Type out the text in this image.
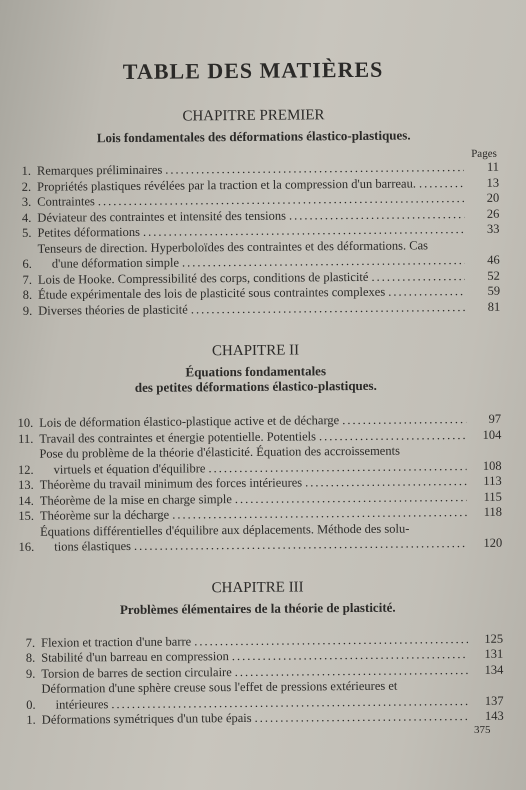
TABLE DES MATIÈRES
CHAPITRE PREMIER
Lois fondamentales des déformations élastico-plastiques.
Pages
1. Remarques préliminaires .....	11
2. Propriétés plastiques révélées par la traction et la compression d'un barreau. .....	13
3. Contraintes .....	20
4. Déviateur des contraintes et intensité des tensions .....	26
5. Petites déformations .....	33
6.
Tenseurs de direction. Hyperboloïdes des contraintes et des déformations. Cas
d'une déformation simple .....	46
7. Lois de Hooke. Compressibilité des corps, conditions de plasticité .....	52
8. Étude expérimentale des lois de plasticité sous contraintes complexes .....	59
9. Diverses théories de plasticité .....	81
CHAPITRE II
Équations fondamentales
des petites déformations élastico-plastiques.
10. Lois de déformation élastico-plastique active et de décharge .....	97
11. Travail des contraintes et énergie potentielle. Potentiels .....	104
12.
Pose du problème de la théorie d'élasticité. Équation des accroissements
virtuels et équation d'équilibre .....	108
13. Théorème du travail minimum des forces intérieures .....	113
14. Théorème de la mise en charge simple .....	115
15. Théorème sur la décharge .....	118
16.
Équations différentielles d'équilibre aux déplacements. Méthode des solu-
tions élastiques .....	120
CHAPITRE III
Problèmes élémentaires de la théorie de plasticité.
7. Flexion et traction d'une barre .....	125
8. Stabilité d'un barreau en compression .....	131
9. Torsion de barres de section circulaire .....	134
0.
Déformation d'une sphère creuse sous l'effet de pressions extérieures et
intérieures .....	137
1. Déformations symétriques d'un tube épais .....	143
375
